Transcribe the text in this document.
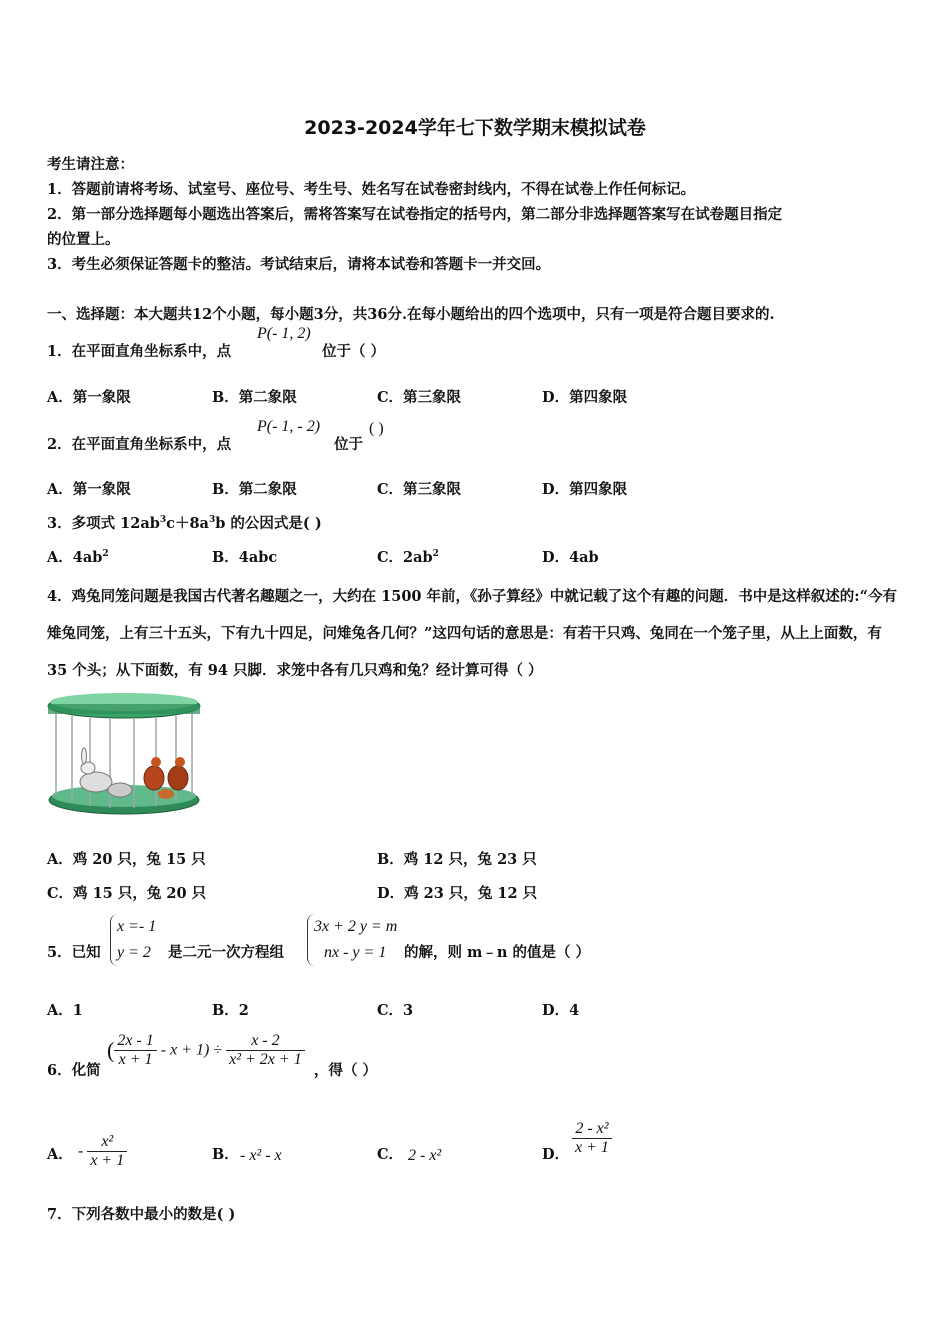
2023-2024学年七下数学期末模拟试卷
考生请注意：
1．答题前请将考场、试室号、座位号、考生号、姓名写在试卷密封线内，不得在试卷上作任何标记。
2．第一部分选择题每小题选出答案后，需将答案写在试卷指定的括号内，第二部分非选择题答案写在试卷题目指定
的位置上。
3．考生必须保证答题卡的整洁。考试结束后，请将本试卷和答题卡一并交回。
一、选择题：本大题共12个小题，每小题3分，共36分.在每小题给出的四个选项中，只有一项是符合题目要求的.
1．在平面直角坐标系中，点
P(- 1, 2)
位于（ ）
A．第一象限	B．第二象限	C．第三象限	D．第四象限
2．在平面直角坐标系中，点
P(- 1, - 2)
位于
( )
A．第一象限	B．第二象限	C．第三象限	D．第四象限
3．多项式 $12ab^3c+8a^3b$ 的公因式是( )
A．$4ab^2$	B．4abc	C．$2ab^2$	D．4ab
4．鸡兔同笼问题是我国古代著名趣题之一，大约在 1500 年前，《孙子算经》中就记载了这个有趣的问题．书中是这样叙述的:“今有雉兔同笼，上有三十五头，下有九十四足，问雉兔各几何？”这四句话的意思是：有若干只鸡、兔同在一个笼子里，从上上面数，有 35 个头；从下面数，有 94 只脚．求笼中各有几只鸡和兔？经计算可得（ ）
A．鸡 20 只，兔 15 只	B．鸡 12 只，兔 23 只
C．鸡 15 只，兔 20 只	D．鸡 23 只，兔 12 只
5．已知
x =- 1
y = 2	是二元一次方程组
3x + 2 y = m
nx - y = 1	的解，则 m﹣n 的值是（ ）
A．1	B．2	C．3	D．4
6．化简
( $\frac{2x - 1}{x + 1} - x + 1) \div \frac{x - 2}{\text{x² + 2x + 1}}$
，得（ ）
A． - $\frac{\text{x²}}{x + 1}$	B． - x² - x	C． 2 - x²	D． $\frac{\text{2 - x²}}{x + 1}$
7．下列各数中最小的数是( )
